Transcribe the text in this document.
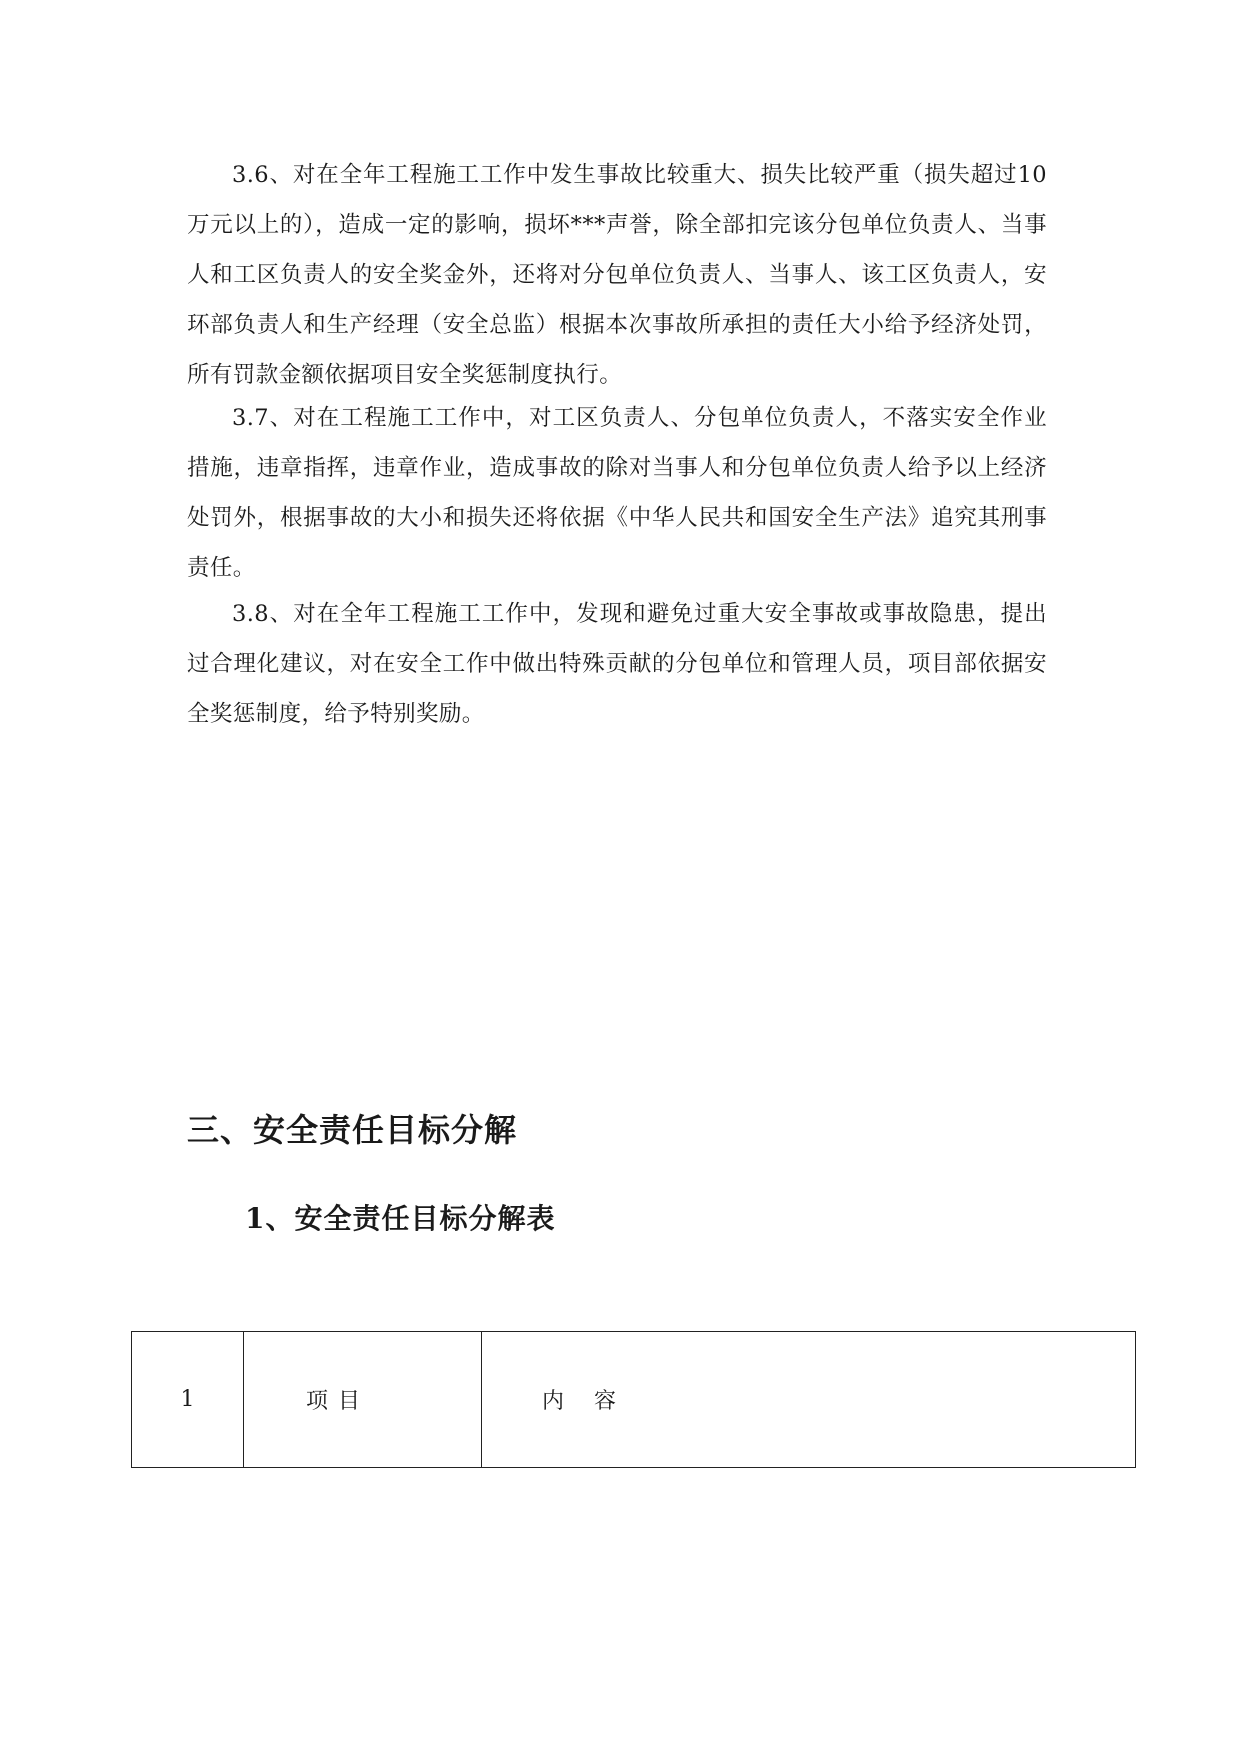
3.6、对在全年工程施工工作中发生事故比较重大、损失比较严重（损失超过10万元以上的），造成一定的影响，损坏***声誉，除全部扣完该分包单位负责人、当事人和工区负责人的安全奖金外，还将对分包单位负责人、当事人、该工区负责人，安环部负责人和生产经理（安全总监）根据本次事故所承担的责任大小给予经济处罚，所有罚款金额依据项目安全奖惩制度执行。

3.7、对在工程施工工作中，对工区负责人、分包单位负责人，不落实安全作业措施，违章指挥，违章作业，造成事故的除对当事人和分包单位负责人给予以上经济处罚外，根据事故的大小和损失还将依据《中华人民共和国安全生产法》追究其刑事责任。

3.8、对在全年工程施工工作中，发现和避免过重大安全事故或事故隐患，提出过合理化建议，对在安全工作中做出特殊贡献的分包单位和管理人员，项目部依据安全奖惩制度，给予特别奖励。

三、安全责任目标分解
1、安全责任目标分解表
1	项目	内容
